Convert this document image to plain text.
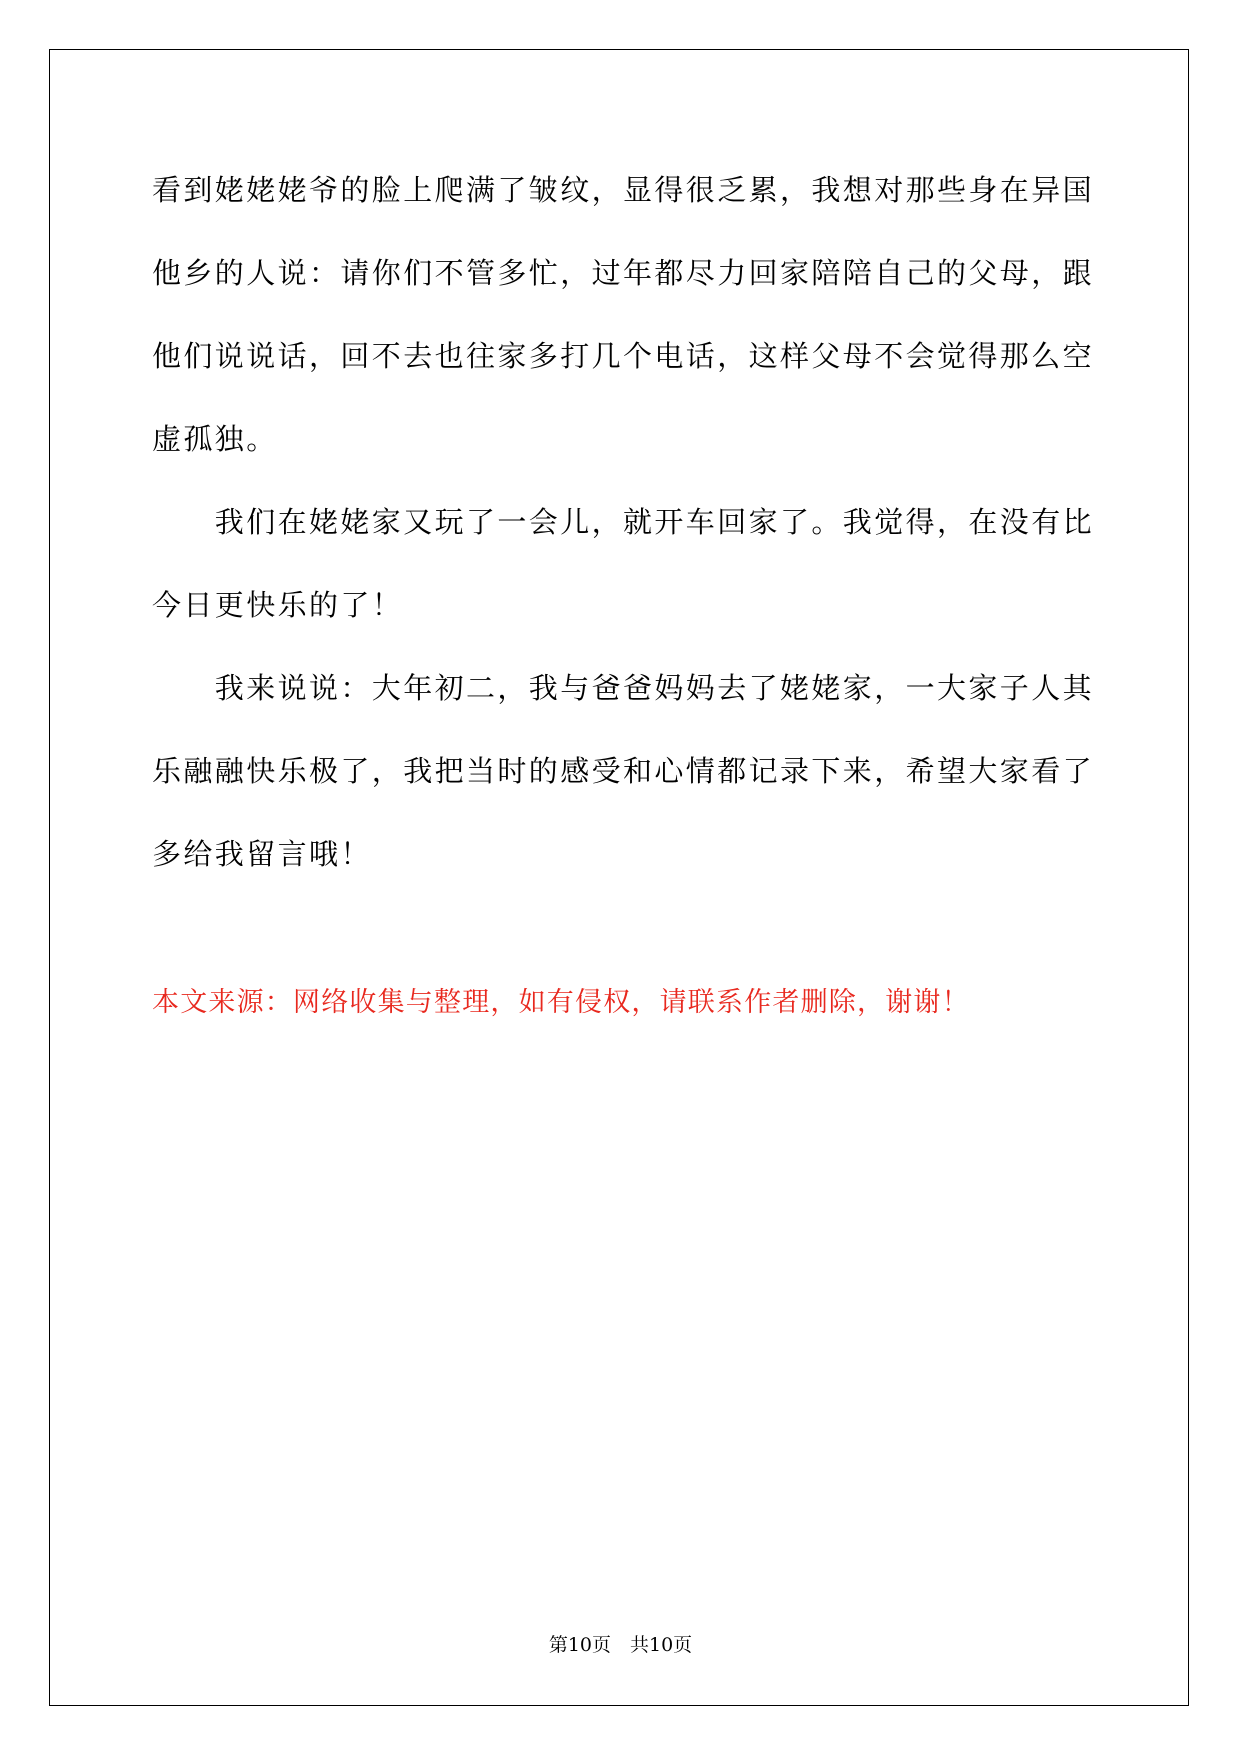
看到姥姥姥爷的脸上爬满了皱纹，显得很乏累，我想对那些身在异国
他乡的人说：请你们不管多忙，过年都尽力回家陪陪自己的父母，跟
他们说说话，回不去也往家多打几个电话，这样父母不会觉得那么空
虚孤独。
　　我们在姥姥家又玩了一会儿，就开车回家了。我觉得，在没有比
今日更快乐的了！
　　我来说说：大年初二，我与爸爸妈妈去了姥姥家，一大家子人其
乐融融快乐极了，我把当时的感受和心情都记录下来，希望大家看了
多给我留言哦！
本文来源：网络收集与整理，如有侵权，请联系作者删除，谢谢！
第10页　共10页
